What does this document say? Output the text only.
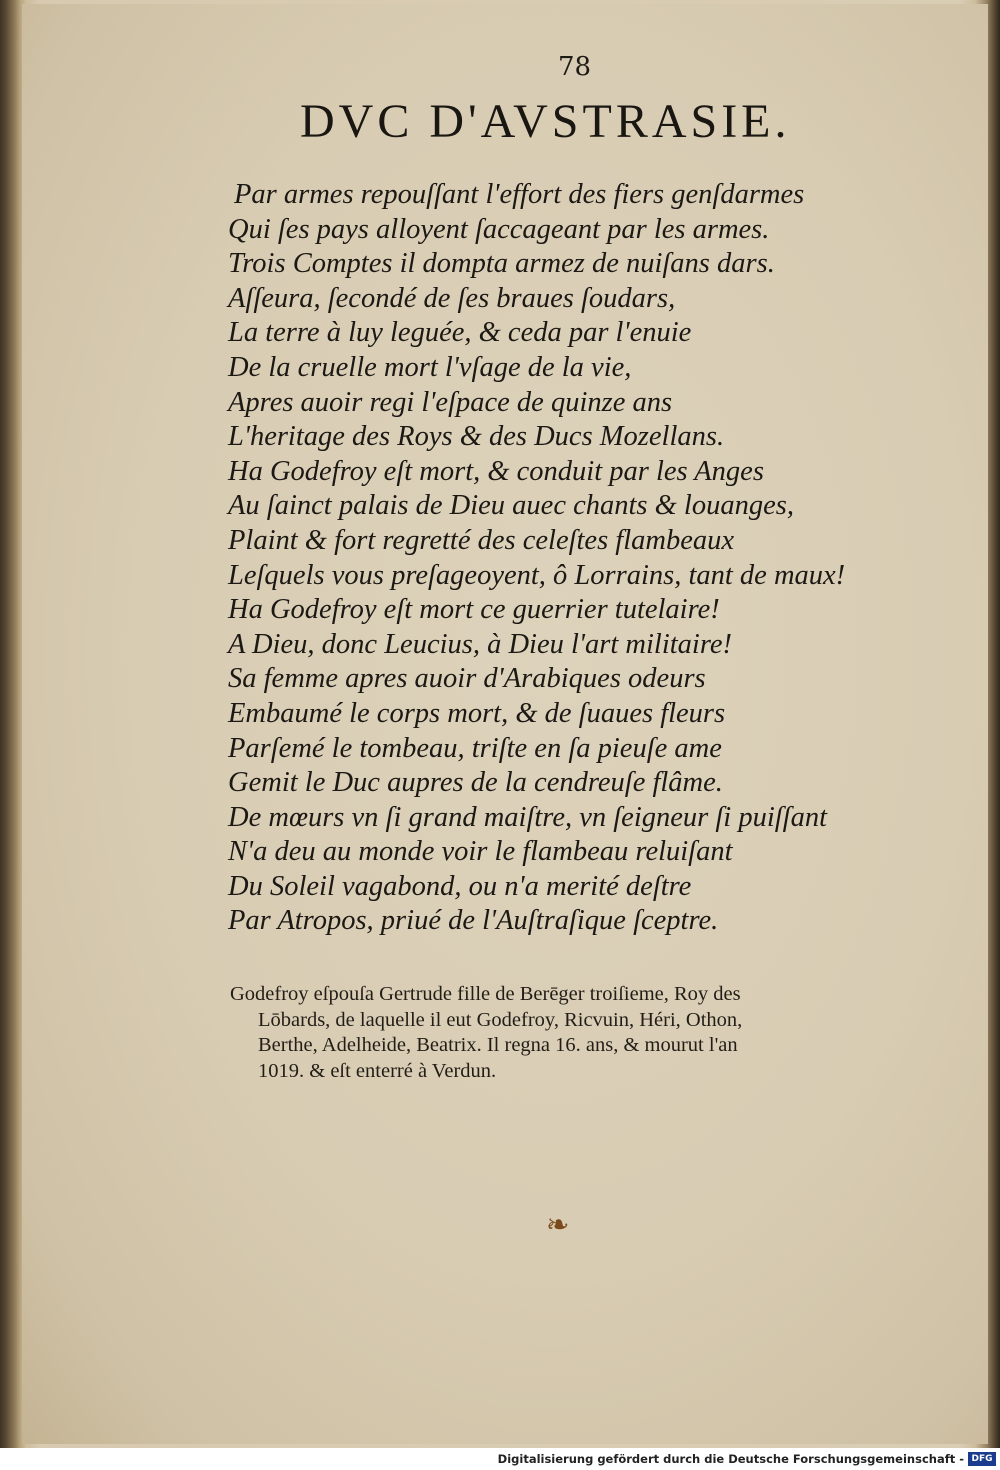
78
DVC D'AVSTRASIE.
Par armes repouſſant l'effort des fiers genſdarmes
Qui ſes pays alloyent ſaccageant par les armes.
Trois Comptes il dompta armez de nuiſans dars.
Aſſeura, ſecondé de ſes braues ſoudars,
La terre à luy leguée, & ceda par l'enuie
De la cruelle mort l'vſage de la vie,
Apres auoir regi l'eſpace de quinze ans
L'heritage des Roys & des Ducs Mozellans.
Ha Godefroy eſt mort, & conduit par les Anges
Au ſainct palais de Dieu auec chants & louanges,
Plaint & fort regretté des celeſtes flambeaux
Leſquels vous preſageoyent, ô Lorrains, tant de maux!
Ha Godefroy eſt mort ce guerrier tutelaire!
A Dieu, donc Leucius, à Dieu l'art militaire!
Sa femme apres auoir d'Arabiques odeurs
Embaumé le corps mort, & de ſuaues fleurs
Parſemé le tombeau, triſte en ſa pieuſe ame
Gemit le Duc aupres de la cendreuſe flâme.
De mœurs vn ſi grand maiſtre, vn ſeigneur ſi puiſſant
N'a deu au monde voir le flambeau reluiſant
Du Soleil vagabond, ou n'a merité deſtre
Par Atropos, priué de l'Auſtraſique ſceptre.
Godefroy eſpouſa Gertrude fille de Berēger troiſieme, Roy des
Lōbards, de laquelle il eut Godefroy, Ricvuin, Héri, Othon,
Berthe, Adelheide, Beatrix. Il regna 16. ans, & mourut l'an
1019. & eſt enterré à Verdun.
❧
Digitalisierung gefördert durch die Deutsche Forschungsgemeinschaft - DFG
